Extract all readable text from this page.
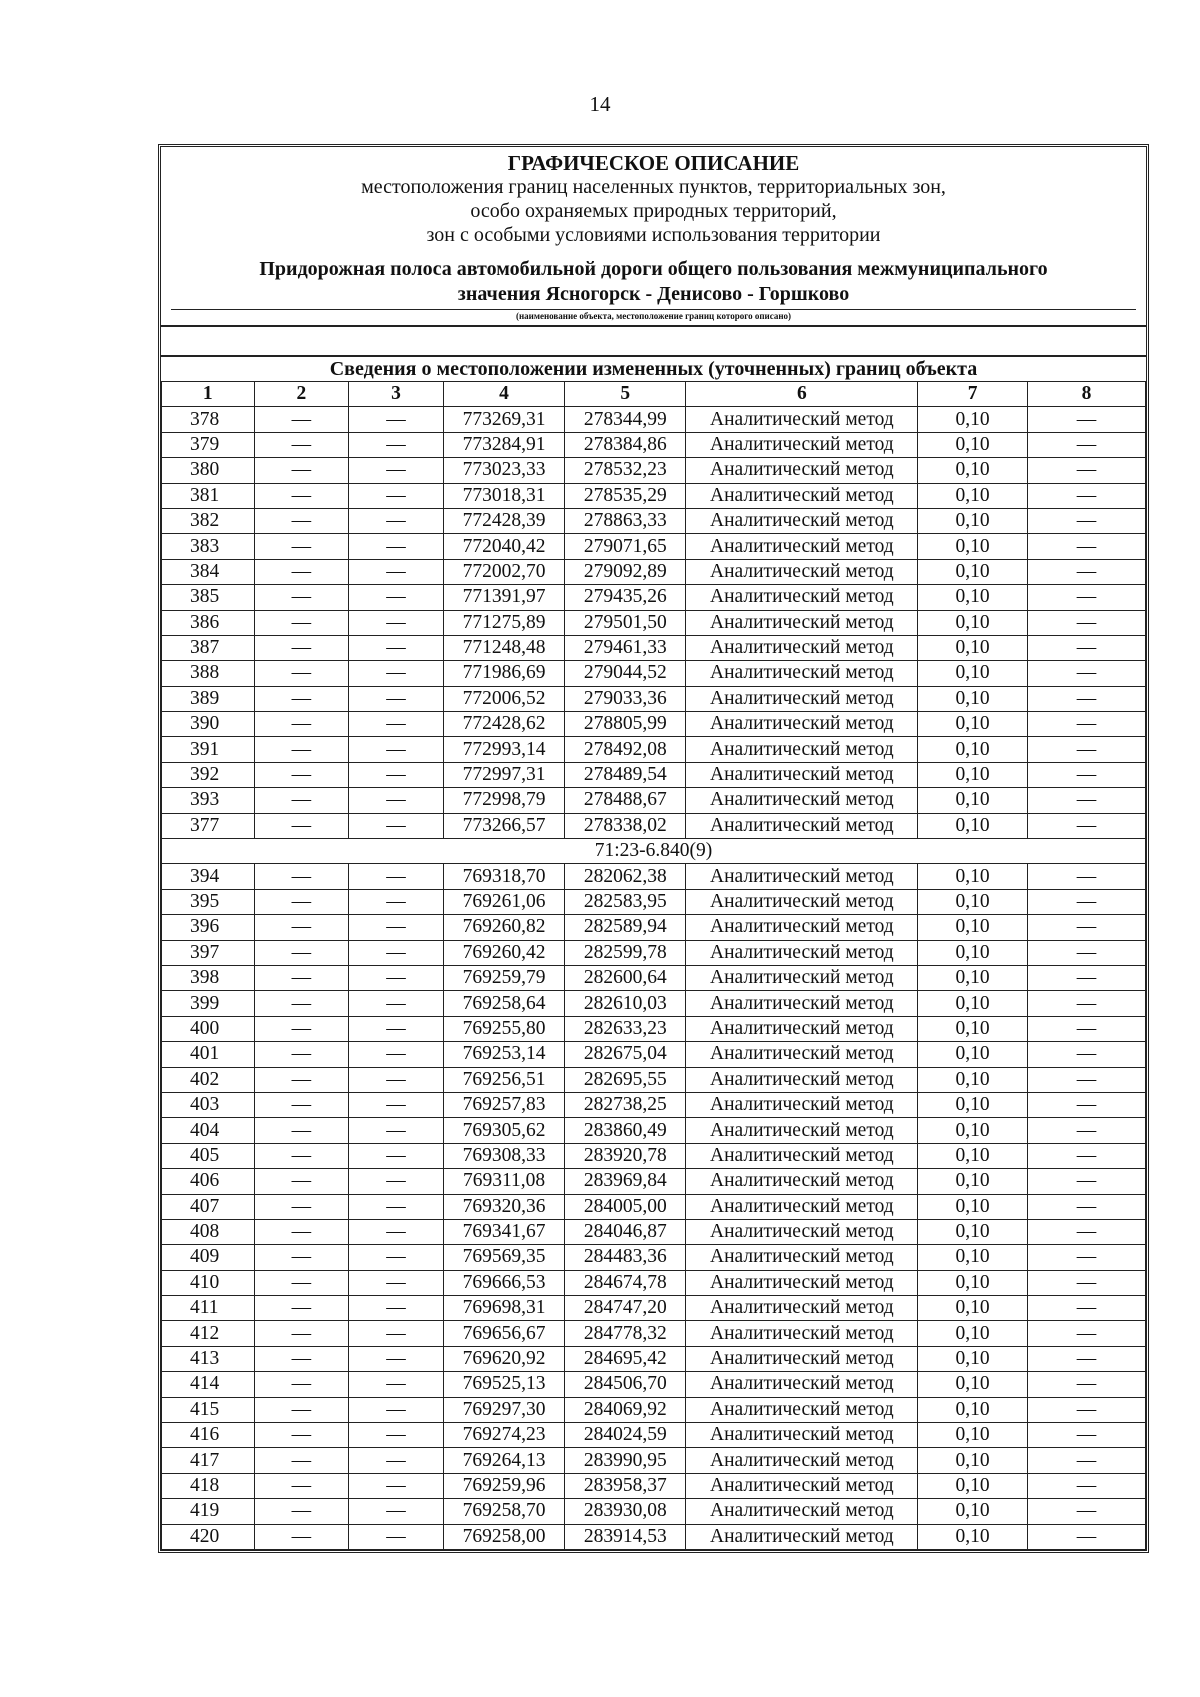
14
ГРАФИЧЕСКОЕ ОПИСАНИЕ
местоположения границ населенных пунктов, территориальных зон,
особо охраняемых природных территорий,
зон с особыми условиями использования территории
Придорожная полоса автомобильной дороги общего пользования межмуниципального
значения Ясногорск - Денисово - Горшково
(наименование объекта, местоположение границ которого описано)
Сведения о местоположении измененных (уточненных) границ объекта
1	2	3	4	5	6	7	8
378	—	—	773269,31	278344,99	Аналитический метод	0,10	—
379	—	—	773284,91	278384,86	Аналитический метод	0,10	—
380	—	—	773023,33	278532,23	Аналитический метод	0,10	—
381	—	—	773018,31	278535,29	Аналитический метод	0,10	—
382	—	—	772428,39	278863,33	Аналитический метод	0,10	—
383	—	—	772040,42	279071,65	Аналитический метод	0,10	—
384	—	—	772002,70	279092,89	Аналитический метод	0,10	—
385	—	—	771391,97	279435,26	Аналитический метод	0,10	—
386	—	—	771275,89	279501,50	Аналитический метод	0,10	—
387	—	—	771248,48	279461,33	Аналитический метод	0,10	—
388	—	—	771986,69	279044,52	Аналитический метод	0,10	—
389	—	—	772006,52	279033,36	Аналитический метод	0,10	—
390	—	—	772428,62	278805,99	Аналитический метод	0,10	—
391	—	—	772993,14	278492,08	Аналитический метод	0,10	—
392	—	—	772997,31	278489,54	Аналитический метод	0,10	—
393	—	—	772998,79	278488,67	Аналитический метод	0,10	—
377	—	—	773266,57	278338,02	Аналитический метод	0,10	—
71:23-6.840(9)							
394	—	—	769318,70	282062,38	Аналитический метод	0,10	—
395	—	—	769261,06	282583,95	Аналитический метод	0,10	—
396	—	—	769260,82	282589,94	Аналитический метод	0,10	—
397	—	—	769260,42	282599,78	Аналитический метод	0,10	—
398	—	—	769259,79	282600,64	Аналитический метод	0,10	—
399	—	—	769258,64	282610,03	Аналитический метод	0,10	—
400	—	—	769255,80	282633,23	Аналитический метод	0,10	—
401	—	—	769253,14	282675,04	Аналитический метод	0,10	—
402	—	—	769256,51	282695,55	Аналитический метод	0,10	—
403	—	—	769257,83	282738,25	Аналитический метод	0,10	—
404	—	—	769305,62	283860,49	Аналитический метод	0,10	—
405	—	—	769308,33	283920,78	Аналитический метод	0,10	—
406	—	—	769311,08	283969,84	Аналитический метод	0,10	—
407	—	—	769320,36	284005,00	Аналитический метод	0,10	—
408	—	—	769341,67	284046,87	Аналитический метод	0,10	—
409	—	—	769569,35	284483,36	Аналитический метод	0,10	—
410	—	—	769666,53	284674,78	Аналитический метод	0,10	—
411	—	—	769698,31	284747,20	Аналитический метод	0,10	—
412	—	—	769656,67	284778,32	Аналитический метод	0,10	—
413	—	—	769620,92	284695,42	Аналитический метод	0,10	—
414	—	—	769525,13	284506,70	Аналитический метод	0,10	—
415	—	—	769297,30	284069,92	Аналитический метод	0,10	—
416	—	—	769274,23	284024,59	Аналитический метод	0,10	—
417	—	—	769264,13	283990,95	Аналитический метод	0,10	—
418	—	—	769259,96	283958,37	Аналитический метод	0,10	—
419	—	—	769258,70	283930,08	Аналитический метод	0,10	—
420	—	—	769258,00	283914,53	Аналитический метод	0,10	—
